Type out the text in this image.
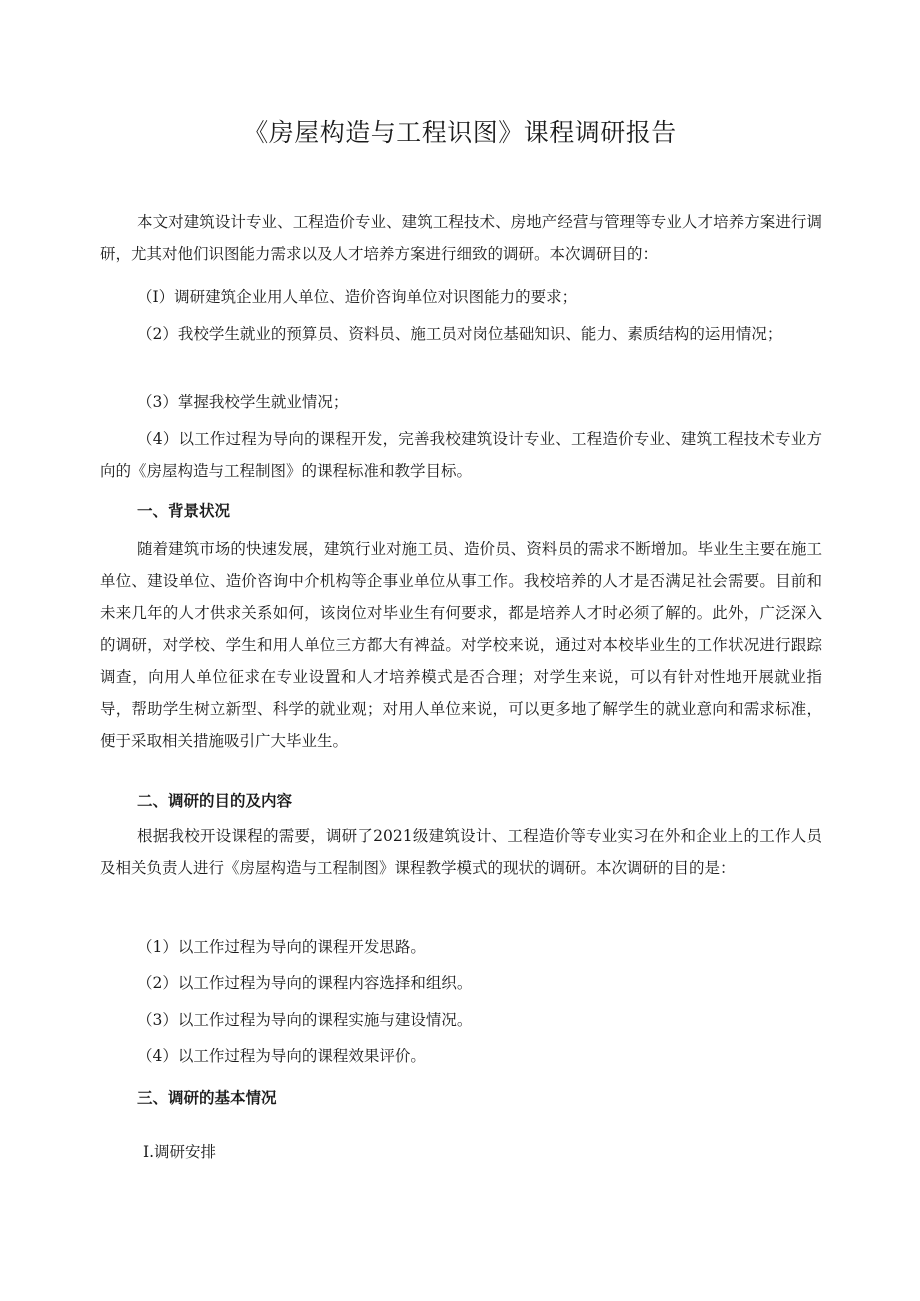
《房屋构造与工程识图》课程调研报告

本文对建筑设计专业、工程造价专业、建筑工程技术、房地产经营与管理等专业人才培养方案进行调研，尤其对他们识图能力需求以及人才培养方案进行细致的调研。本次调研目的：

（I）调研建筑企业用人单位、造价咨询单位对识图能力的要求；

（2）我校学生就业的预算员、资料员、施工员对岗位基础知识、能力、素质结构的运用情况；

（3）掌握我校学生就业情况；

（4）以工作过程为导向的课程开发，完善我校建筑设计专业、工程造价专业、建筑工程技术专业方向的《房屋构造与工程制图》的课程标准和教学目标。

一、背景状况

随着建筑市场的快速发展，建筑行业对施工员、造价员、资料员的需求不断增加。毕业生主要在施工单位、建设单位、造价咨询中介机构等企事业单位从事工作。我校培养的人才是否满足社会需要。目前和未来几年的人才供求关系如何，该岗位对毕业生有何要求，都是培养人才时必须了解的。此外，广泛深入的调研，对学校、学生和用人单位三方都大有裨益。对学校来说，通过对本校毕业生的工作状况进行跟踪调查，向用人单位征求在专业设置和人才培养模式是否合理；对学生来说，可以有针对性地开展就业指导，帮助学生树立新型、科学的就业观；对用人单位来说，可以更多地了解学生的就业意向和需求标准，便于采取相关措施吸引广大毕业生。

二、调研的目的及内容

根据我校开设课程的需要，调研了2021级建筑设计、工程造价等专业实习在外和企业上的工作人员及相关负责人进行《房屋构造与工程制图》课程教学模式的现状的调研。本次调研的目的是：

（1）以工作过程为导向的课程开发思路。

（2）以工作过程为导向的课程内容选择和组织。

（3）以工作过程为导向的课程实施与建设情况。

（4）以工作过程为导向的课程效果评价。

三、调研的基本情况

I.调研安排
